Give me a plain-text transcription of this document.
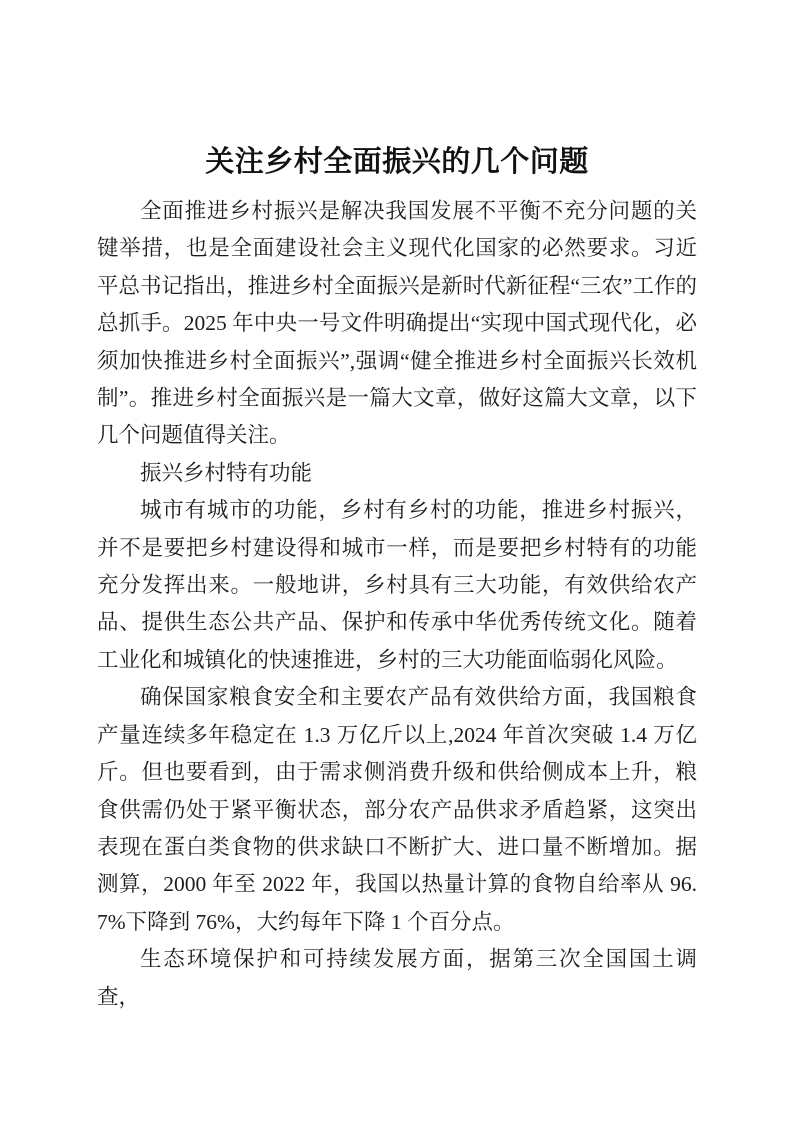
关注乡村全面振兴的几个问题

全面推进乡村振兴是解决我国发展不平衡不充分问题的关键举措，也是全面建设社会主义现代化国家的必然要求。习近平总书记指出，推进乡村全面振兴是新时代新征程“三农”工作的总抓手。2025 年中央一号文件明确提出“实现中国式现代化，必须加快推进乡村全面振兴”,强调“健全推进乡村全面振兴长效机制”。推进乡村全面振兴是一篇大文章，做好这篇大文章，以下几个问题值得关注。

振兴乡村特有功能

城市有城市的功能，乡村有乡村的功能，推进乡村振兴，并不是要把乡村建设得和城市一样，而是要把乡村特有的功能充分发挥出来。一般地讲，乡村具有三大功能，有效供给农产品、提供生态公共产品、保护和传承中华优秀传统文化。随着工业化和城镇化的快速推进，乡村的三大功能面临弱化风险。

确保国家粮食安全和主要农产品有效供给方面，我国粮食产量连续多年稳定在 1.3 万亿斤以上,2024 年首次突破 1.4 万亿斤。但也要看到，由于需求侧消费升级和供给侧成本上升，粮食供需仍处于紧平衡状态，部分农产品供求矛盾趋紧，这突出表现在蛋白类食物的供求缺口不断扩大、进口量不断增加。据测算，2000 年至 2022 年，我国以热量计算的食物自给率从 96.7%下降到 76%，大约每年下降 1 个百分点。

生态环境保护和可持续发展方面，据第三次全国国土调查，
